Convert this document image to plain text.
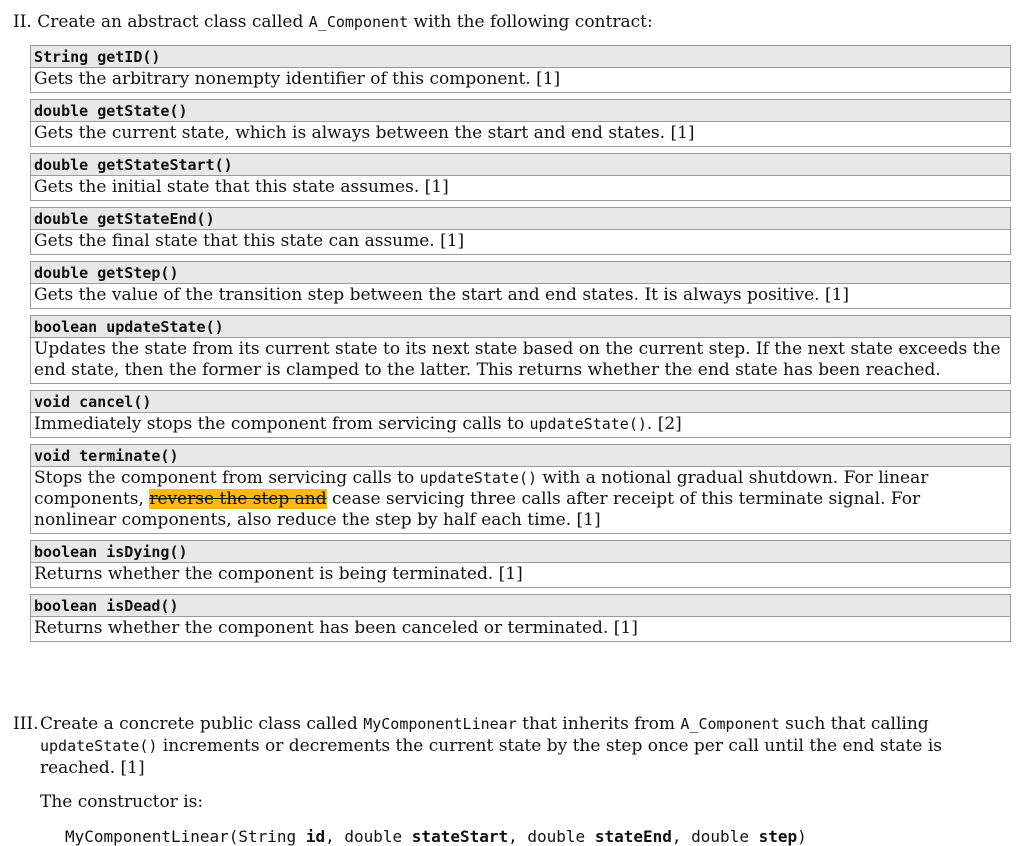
II. Create an abstract class called A_Component with the following contract:
String getID()
Gets the arbitrary nonempty identifier of this component. [1]
double getState()
Gets the current state, which is always between the start and end states. [1]
double getStateStart()
Gets the initial state that this state assumes. [1]
double getStateEnd()
Gets the final state that this state can assume. [1]
double getStep()
Gets the value of the transition step between the start and end states. It is always positive. [1]
boolean updateState()
Updates the state from its current state to its next state based on the current step. If the next state exceeds the end state, then the former is clamped to the latter. This returns whether the end state has been reached.
void cancel()
Immediately stops the component from servicing calls to updateState(). [2]
void terminate()
Stops the component from servicing calls to updateState() with a notional gradual shutdown. For linear components, reverse the step and cease servicing three calls after receipt of this terminate signal. For nonlinear components, also reduce the step by half each time. [1]
boolean isDying()
Returns whether the component is being terminated. [1]
boolean isDead()
Returns whether the component has been canceled or terminated. [1]
III.Create a concrete public class called MyComponentLinear that inherits from A_Component such that calling
updateState() increments or decrements the current state by the step once per call until the end state is reached. [1]
The constructor is:
MyComponentLinear(String id, double stateStart, double stateEnd, double step)
